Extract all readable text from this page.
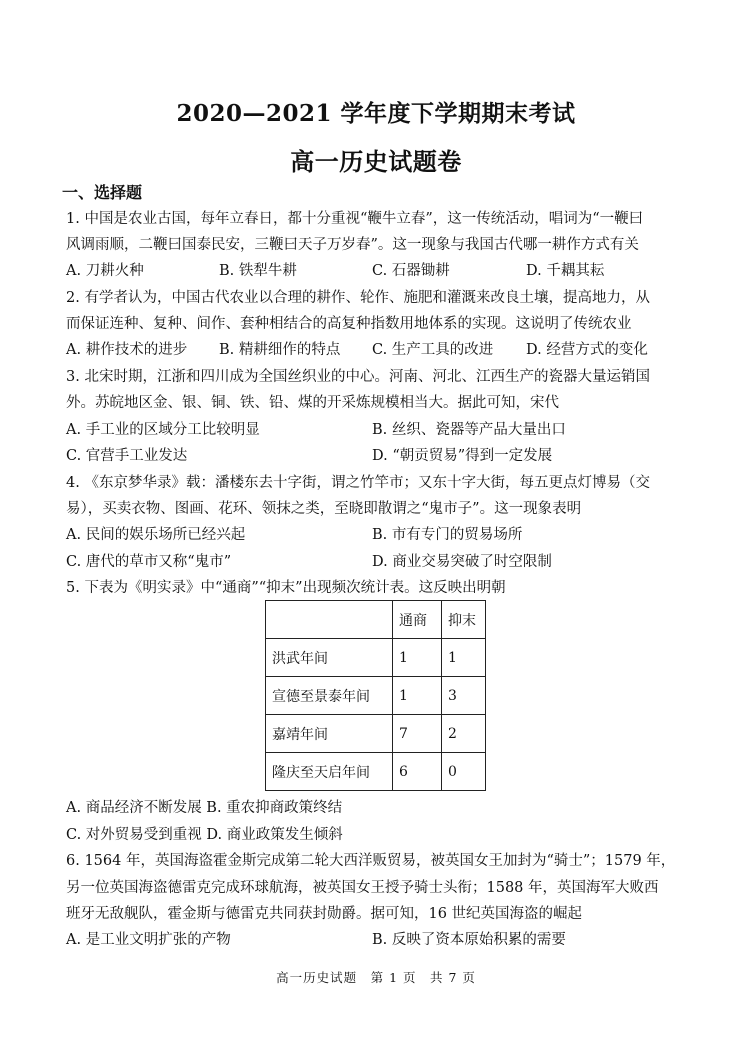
2020—2021 学年度下学期期末考试
高一历史试题卷
一、选择题
1. 中国是农业古国，每年立春日，都十分重视“鞭牛立春”，这一传统活动，唱词为“一鞭曰
风调雨顺，二鞭曰国泰民安，三鞭曰天子万岁春”。这一现象与我国古代哪一耕作方式有关
A. 刀耕火种	B. 铁犁牛耕	C. 石器锄耕	D. 千耦其耘
2. 有学者认为，中国古代农业以合理的耕作、轮作、施肥和灌溉来改良土壤，提高地力，从
而保证连种、复种、间作、套种相结合的高复种指数用地体系的实现。这说明了传统农业
A. 耕作技术的进步 B. 精耕细作的特点 C. 生产工具的改进 D. 经营方式的变化
3. 北宋时期，江浙和四川成为全国丝织业的中心。河南、河北、江西生产的瓷器大量运销国
外。苏皖地区金、银、铜、铁、铅、煤的开采炼规模相当大。据此可知，宋代
A. 手工业的区域分工比较明显	B. 丝织、瓷器等产品大量出口
C. 官营手工业发达	D. “朝贡贸易”得到一定发展
4. 《东京梦华录》载：潘楼东去十字街，谓之竹竿市；又东十字大街，每五更点灯博易（交
易），买卖衣物、图画、花环、领抹之类，至晓即散谓之“鬼市子”。这一现象表明
A. 民间的娱乐场所已经兴起	B. 市有专门的贸易场所
C. 唐代的草市又称“鬼市”	D. 商业交易突破了时空限制
5. 下表为《明实录》中“通商”“抑末”出现频次统计表。这反映出明朝
	通商	抑末
洪武年间	1	1
宣德至景泰年间	1	3
嘉靖年间	7	2
隆庆至天启年间	6	0
A. 商品经济不断发展 B. 重农抑商政策终结
C. 对外贸易受到重视 D. 商业政策发生倾斜
6. 1564 年，英国海盗霍金斯完成第二轮大西洋贩贸易，被英国女王加封为“骑士”；1579 年，
另一位英国海盗德雷克完成环球航海，被英国女王授予骑士头衔；1588 年，英国海军大败西
班牙无敌舰队，霍金斯与德雷克共同获封勋爵。据可知，16 世纪英国海盗的崛起
A. 是工业文明扩张的产物	B. 反映了资本原始积累的需要
高一历史试题　第 1 页　共 7 页
